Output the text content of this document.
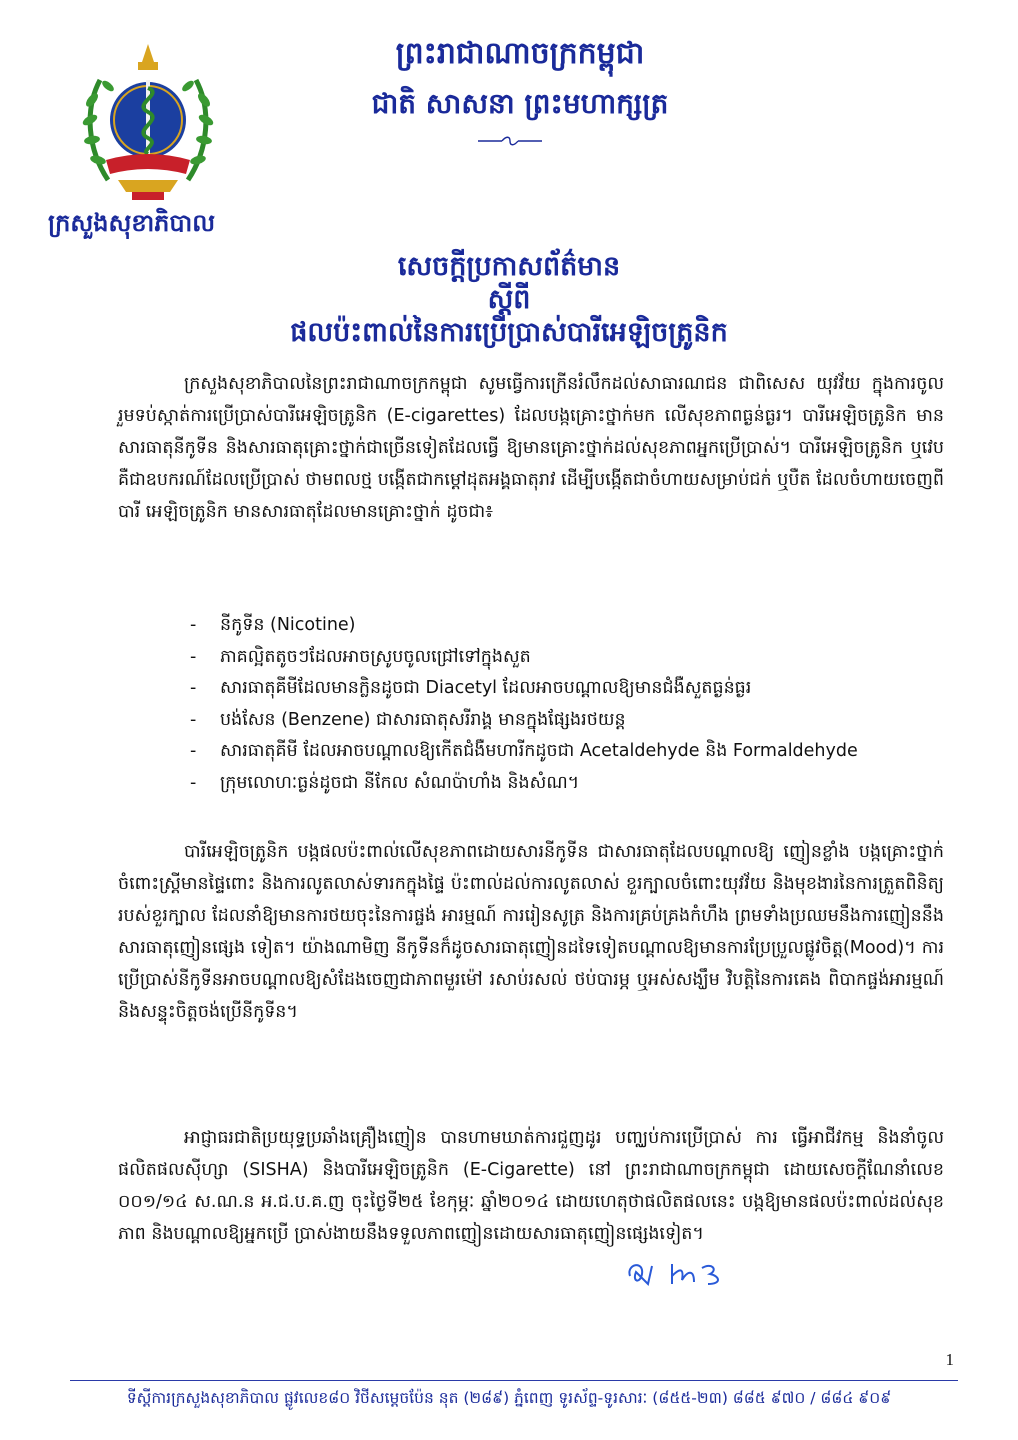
ព្រះរាជាណាចក្រកម្ពុជា
ជាតិ សាសនា ព្រះមហាក្សត្រ
ក្រសួងសុខាភិបាល
សេចក្តីប្រកាសព័ត៌មាន
ស្តីពី
ផលប៉ះពាល់នៃការប្រើប្រាស់បារីអេឡិចត្រូនិក

ក្រសួងសុខាភិបាលនៃព្រះរាជាណាចក្រកម្ពុជា សូមធ្វើការក្រើនរំលឹកដល់សាធារណជន ជាពិសេស យុវវ័យ ក្នុងការចូលរួមទប់ស្កាត់ការប្រើប្រាស់បារីអេឡិចត្រូនិក (E-cigarettes) ដែលបង្កគ្រោះថ្នាក់មក លើសុខភាពធ្ងន់ធ្ងរ។ បារីអេឡិចត្រូនិក មានសារធាតុនីកូទីន និងសារធាតុគ្រោះថ្នាក់ជាច្រើនទៀតដែលធ្វើ ឱ្យមានគ្រោះថ្នាក់ដល់សុខភាពអ្នកប្រើប្រាស់។ បារីអេឡិចត្រូនិក ឬវេប គឺជាឧបករណ៍ដែលប្រើប្រាស់ ថាមពលថ្ម បង្កើតជាកម្តៅដុតអង្គធាតុរាវ ដើម្បីបង្កើតជាចំហាយសម្រាប់ជក់ ឬបឺត ដែលចំហាយចេញពីបារី អេឡិចត្រូនិក មានសារធាតុដែលមានគ្រោះថ្នាក់ ដូចជា៖

- នីកូទីន (Nicotine)
- ភាគល្អិតតូចៗដែលអាចស្រូបចូលជ្រៅទៅក្នុងសួត
- សារធាតុគីមីដែលមានក្លិនដូចជា Diacetyl ដែលអាចបណ្តាលឱ្យមានជំងឺសួតធ្ងន់ធ្ងរ
- បង់សែន (Benzene) ជាសារធាតុសរីរាង្គ មានក្នុងផ្សែងរថយន្ត
- សារធាតុគីមី ដែលអាចបណ្តាលឱ្យកើតជំងឺមហារីកដូចជា Acetaldehyde និង Formaldehyde
- ក្រុមលោហៈធ្ងន់ដូចជា នីកែល សំណប៉ាហាំង និងសំណ។

បារីអេឡិចត្រូនិក បង្កផលប៉ះពាល់លើសុខភាពដោយសារនីកូទីន ជាសារធាតុដែលបណ្តាលឱ្យ ញៀនខ្លាំង បង្កគ្រោះថ្នាក់ចំពោះស្ត្រីមានផ្ទៃពោះ និងការលូតលាស់ទារកក្នុងផ្ទៃ ប៉ះពាល់ដល់ការលូតលាស់ ខួរក្បាលចំពោះយុវវ័យ និងមុខងារនៃការត្រួតពិនិត្យរបស់ខួរក្បាល ដែលនាំឱ្យមានការថយចុះនៃការផ្ចង់ អារម្មណ៍ ការរៀនសូត្រ និងការគ្រប់គ្រងកំហឹង ព្រមទាំងប្រឈមនឹងការញៀននឹងសារធាតុញៀនផ្សេង ទៀត។ យ៉ាងណាមិញ នីកូទីនក៏ដូចសារធាតុញៀនដទៃទៀតបណ្តាលឱ្យមានការប្រែប្រួលផ្លូវចិត្ត(Mood)។ ការប្រើប្រាស់នីកូទីនអាចបណ្តាលឱ្យសំដែងចេញជាភាពមួរម៉ៅ រសាប់រសល់ ថប់បារម្ភ ឬអស់សង្ឃឹម វិបត្តិនៃការគេង ពិបាកផ្ចង់អារម្មណ៍ និងសន្ទុះចិត្តចង់ប្រើនីកូទីន។

អាជ្ញាធរជាតិប្រយុទ្ធប្រឆាំងគ្រឿងញៀន បានហាមឃាត់ការជួញដូរ បញ្ឈប់ការប្រើប្រាស់ ការ ធ្វើអាជីវកម្ម និងនាំចូលផលិតផលស៊ីហ្សា (SISHA) និងបារីអេឡិចត្រូនិក (E-Cigarette) នៅ ព្រះរាជាណាចក្រកម្ពុជា ដោយសេចក្តីណែនាំលេខ ០០១/១៤ ស.ណ.ន អ.ជ.ប.គ.ញ ចុះថ្ងៃទី២៥ ខែកុម្ភៈ ឆ្នាំ២០១៤ ដោយហេតុថាផលិតផលនេះ បង្កឱ្យមានផលប៉ះពាល់ដល់សុខភាព និងបណ្តាលឱ្យអ្នកប្រើ ប្រាស់ងាយនឹងទទួលភាពញៀនដោយសារធាតុញៀនផ្សេងទៀត។

1
ទីស្តីការក្រសួងសុខាភិបាល ផ្លូវលេខ៨០ វិថីសម្តេចប៉ែន នុត (២៨៩) ភ្នំពេញ ទូរស័ព្ទ-ទូរសារៈ (៨៥៥-២៣) ៨៨៥ ៩៧០ / ៨៨៤ ៩០៩
